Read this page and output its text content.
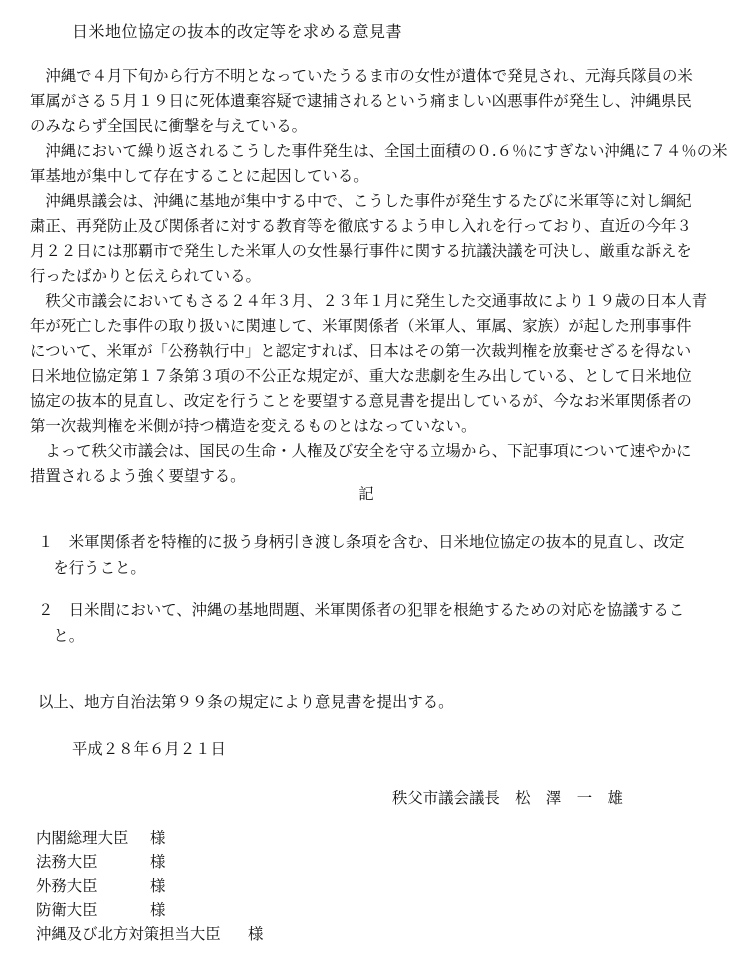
日米地位協定の抜本的改定等を求める意見書
　沖縄で４月下旬から行方不明となっていたうるま市の女性が遺体で発見され、元海兵隊員の米
軍属がさる５月１９日に死体遺棄容疑で逮捕されるという痛ましい凶悪事件が発生し、沖縄県民
のみならず全国民に衝撃を与えている。
　沖縄において繰り返されるこうした事件発生は、全国土面積の０.６％にすぎない沖縄に７４％の米
軍基地が集中して存在することに起因している。
　沖縄県議会は、沖縄に基地が集中する中で、こうした事件が発生するたびに米軍等に対し綱紀
粛正、再発防止及び関係者に対する教育等を徹底するよう申し入れを行っており、直近の今年３
月２２日には那覇市で発生した米軍人の女性暴行事件に関する抗議決議を可決し、厳重な訴えを
行ったばかりと伝えられている。
　秩父市議会においてもさる２４年３月、２３年１月に発生した交通事故により１９歳の日本人青
年が死亡した事件の取り扱いに関連して、米軍関係者（米軍人、軍属、家族）が起した刑事事件
について、米軍が「公務執行中」と認定すれば、日本はその第一次裁判権を放棄せざるを得ない
日米地位協定第１７条第３項の不公正な規定が、重大な悲劇を生み出している、として日米地位
協定の抜本的見直し、改定を行うことを要望する意見書を提出しているが、今なお米軍関係者の
第一次裁判権を米側が持つ構造を変えるものとはなっていない。
　よって秩父市議会は、国民の生命・人権及び安全を守る立場から、下記事項について速やかに
措置されるよう強く要望する。
記
１　米軍関係者を特権的に扱う身柄引き渡し条項を含む、日米地位協定の抜本的見直し、改定
　を行うこと。
２　日米間において、沖縄の基地問題、米軍関係者の犯罪を根絶するための対応を協議するこ
　と。
以上、地方自治法第９９条の規定により意見書を提出する。
平成２８年６月２１日
秩父市議会議長　松　澤　一　雄
内閣総理大臣 様
法務大臣	様
外務大臣	様
防衛大臣	様
沖縄及び北方対策担当大臣 様
